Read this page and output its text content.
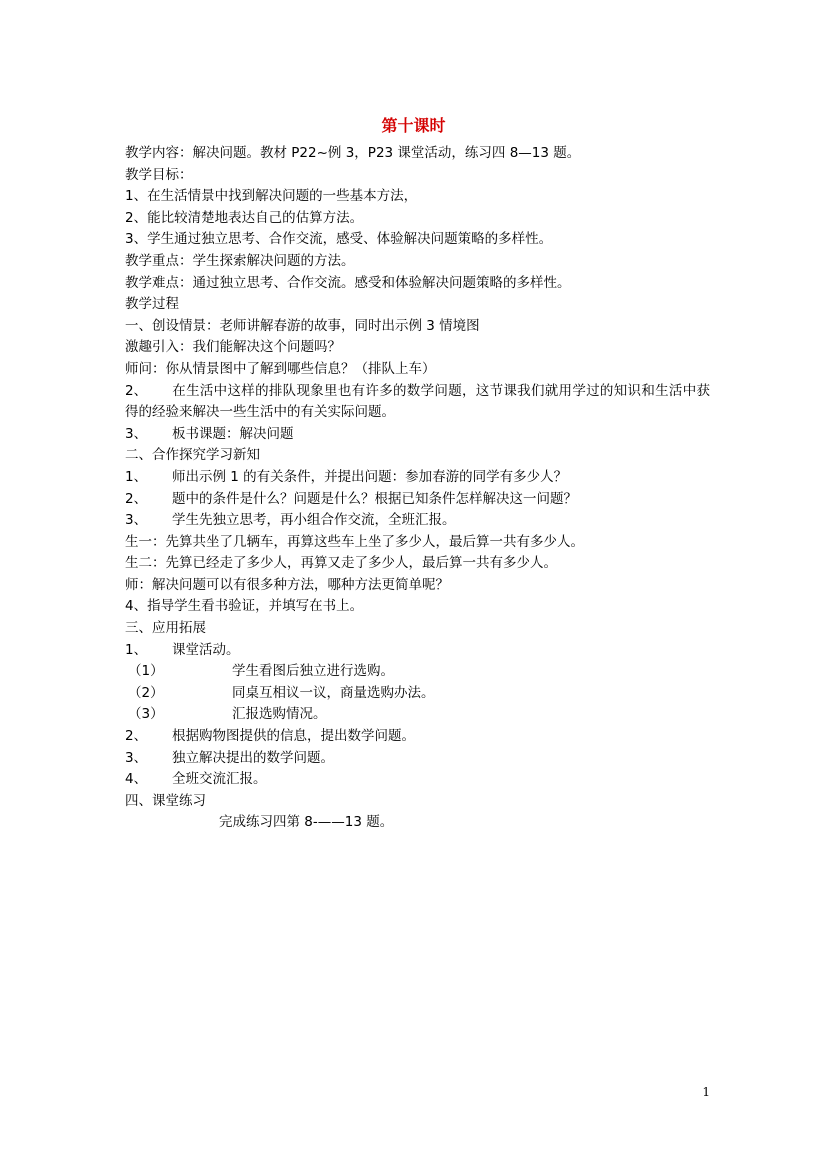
第十课时
教学内容：解决问题。教材 P22~例 3，P23 课堂活动，练习四 8—13 题。
教学目标：
1、在生活情景中找到解决问题的一些基本方法，
2、能比较清楚地表达自己的估算方法。
3、学生通过独立思考、合作交流，感受、体验解决问题策略的多样性。
教学重点：学生探索解决问题的方法。
教学难点：通过独立思考、合作交流。感受和体验解决问题策略的多样性。
教学过程
一、创设情景：老师讲解春游的故事，同时出示例 3 情境图
激趣引入：我们能解决这个问题吗？
师问：你从情景图中了解到哪些信息？（排队上车）
2、 在生活中这样的排队现象里也有许多的数学问题，这节课我们就用学过的知识和生活中获得的经验来解决一些生活中的有关实际问题。
3、 板书课题：解决问题
二、合作探究学习新知
1、 师出示例 1 的有关条件，并提出问题：参加春游的同学有多少人？
2、 题中的条件是什么？问题是什么？根据已知条件怎样解决这一问题？
3、 学生先独立思考，再小组合作交流，全班汇报。
生一：先算共坐了几辆车，再算这些车上坐了多少人，最后算一共有多少人。
生二：先算已经走了多少人，再算又走了多少人，最后算一共有多少人。
师：解决问题可以有很多种方法，哪种方法更简单呢？
4、指导学生看书验证，并填写在书上。
三、应用拓展
1、 课堂活动。
（1）	学生看图后独立进行选购。
（2）	同桌互相议一议，商量选购办法。
（3）	汇报选购情况。
2、 根据购物图提供的信息，提出数学问题。
3、 独立解决提出的数学问题。
4、 全班交流汇报。
四、课堂练习
完成练习四第 8-——13 题。
1
